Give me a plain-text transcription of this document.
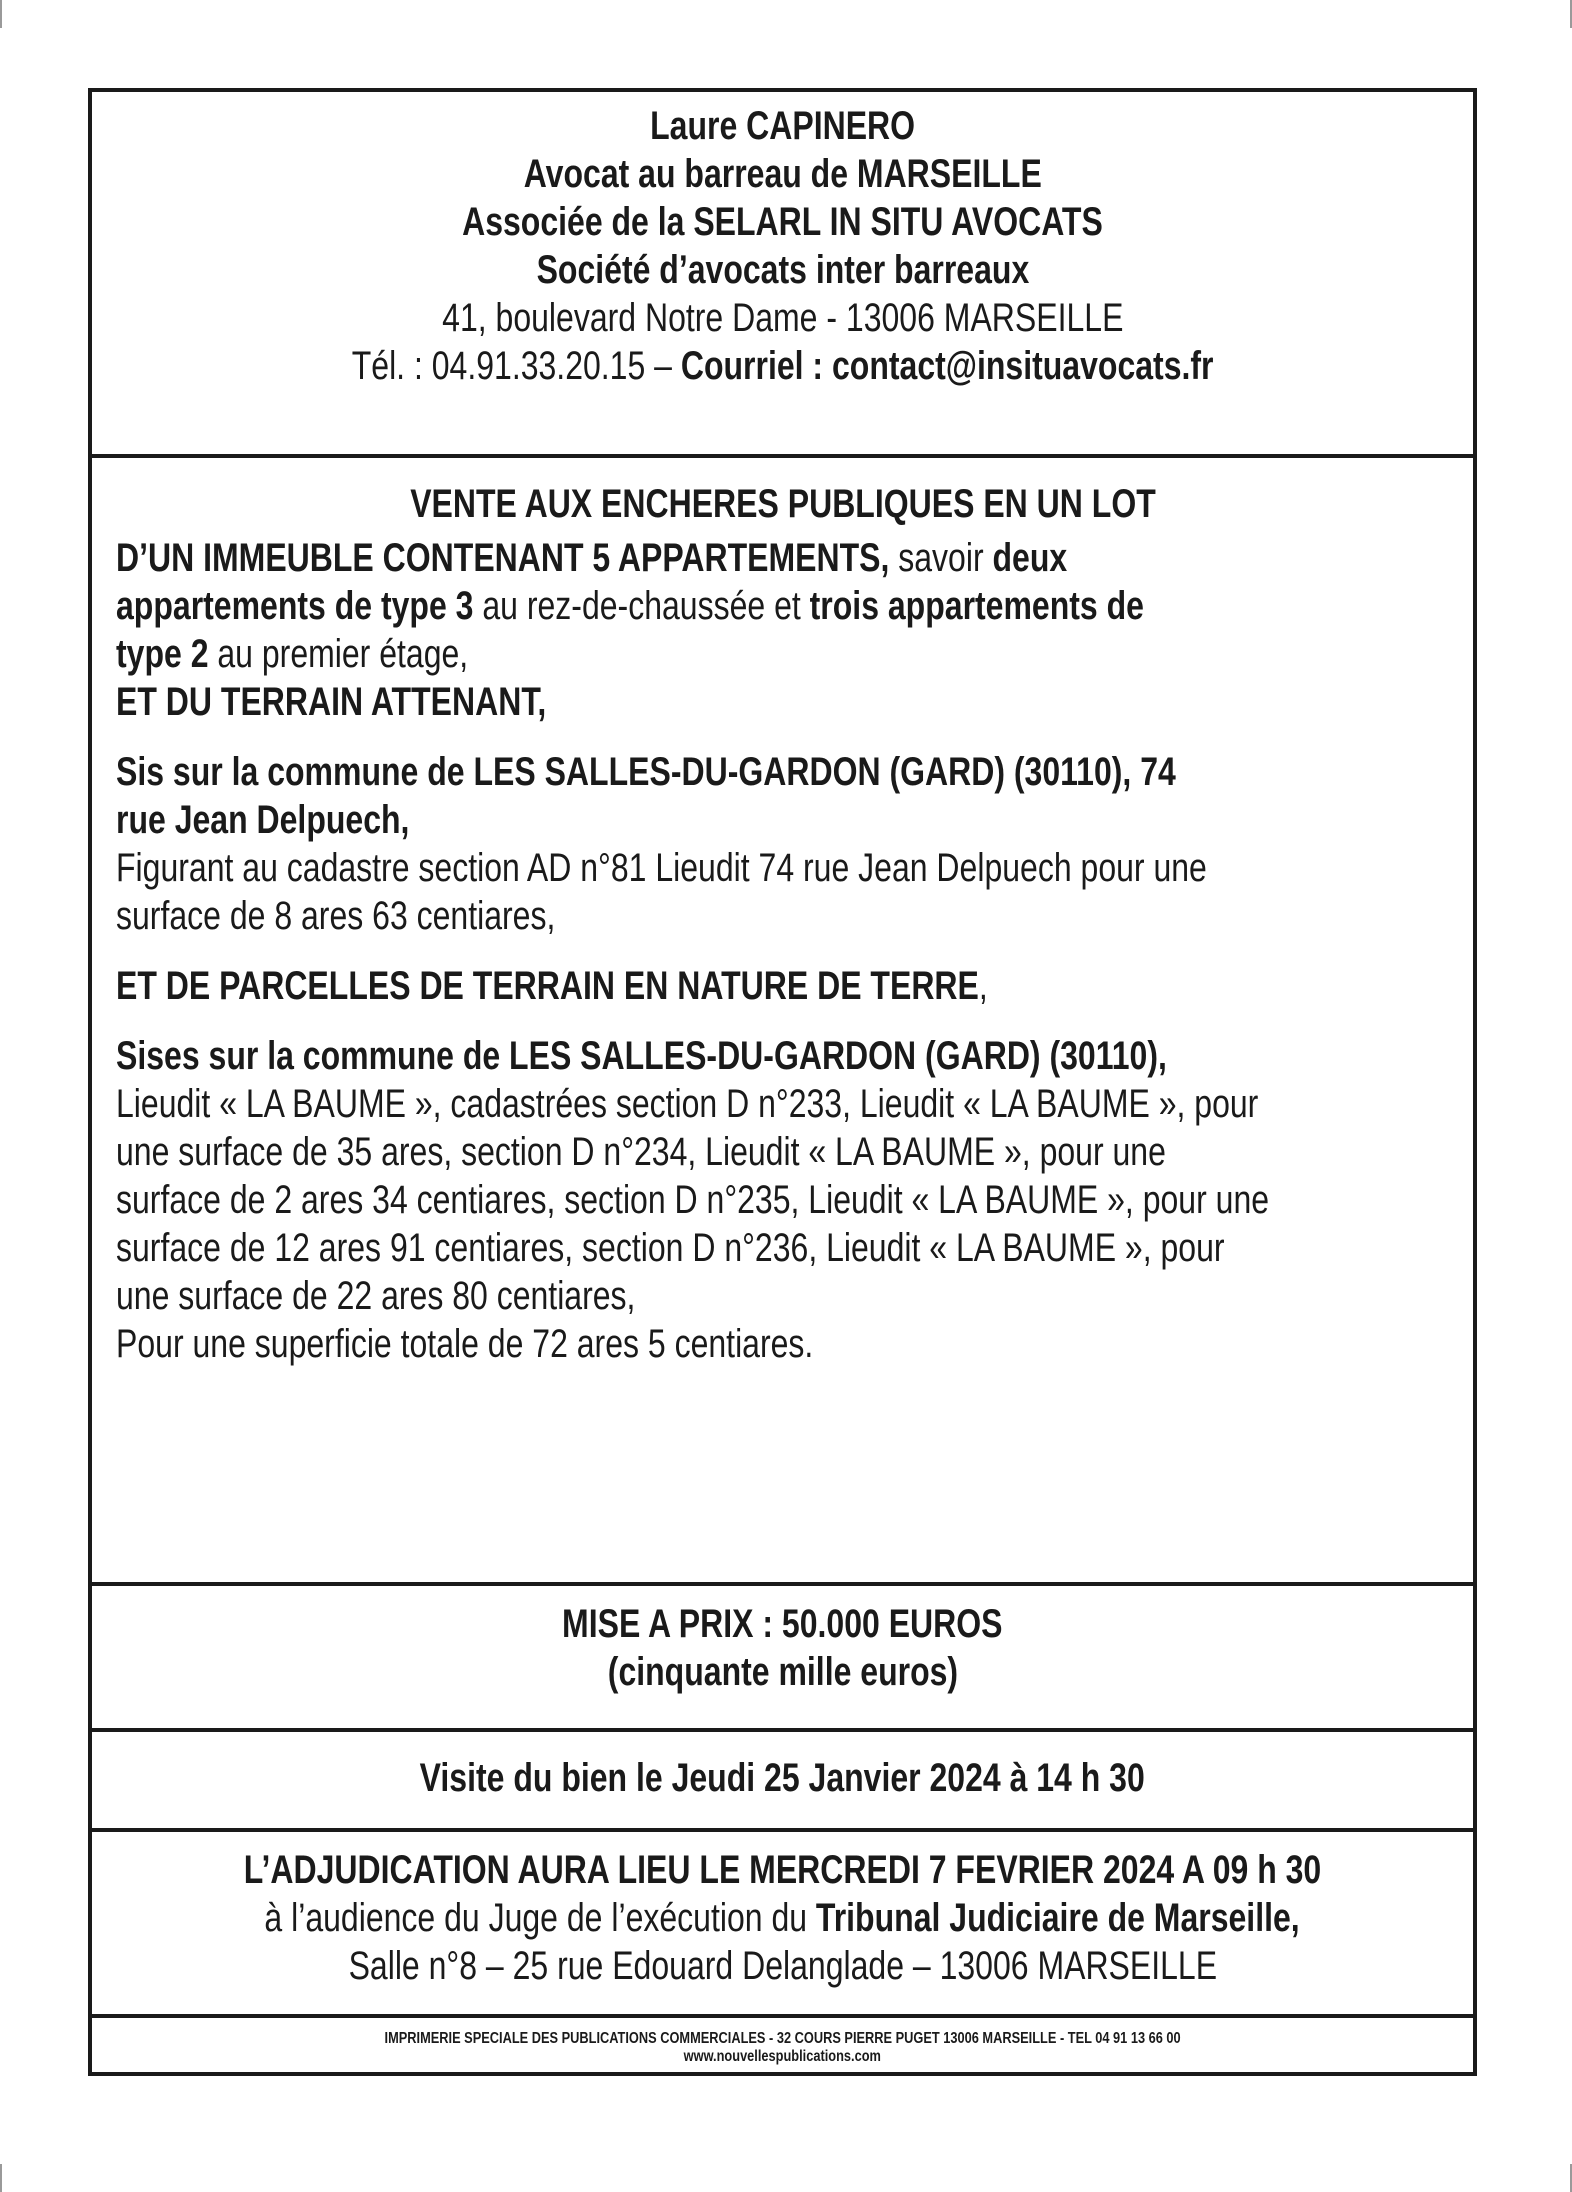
Laure CAPINERO
Avocat au barreau de MARSEILLE
Associée de la SELARL IN SITU AVOCATS
Société d’avocats inter barreaux
41, boulevard Notre Dame - 13006 MARSEILLE
Tél. : 04.91.33.20.15 – Courriel : contact@insituavocats.fr
VENTE AUX ENCHERES PUBLIQUES EN UN LOT
D’UN IMMEUBLE CONTENANT 5 APPARTEMENTS, savoir deux
appartements de type 3 au rez-de-chaussée et trois appartements de
type 2 au premier étage,
ET DU TERRAIN ATTENANT,
Sis sur la commune de LES SALLES-DU-GARDON (GARD) (30110), 74
rue Jean Delpuech,
Figurant au cadastre section AD n°81 Lieudit 74 rue Jean Delpuech pour une
surface de 8 ares 63 centiares,
ET DE PARCELLES DE TERRAIN EN NATURE DE TERRE,
Sises sur la commune de LES SALLES-DU-GARDON (GARD) (30110),
Lieudit « LA BAUME », cadastrées section D n°233, Lieudit « LA BAUME », pour
une surface de 35 ares, section D n°234, Lieudit « LA BAUME », pour une
surface de 2 ares 34 centiares, section D n°235, Lieudit « LA BAUME », pour une
surface de 12 ares 91 centiares, section D n°236, Lieudit « LA BAUME », pour
une surface de 22 ares 80 centiares,
Pour une superficie totale de 72 ares 5 centiares.
MISE A PRIX : 50.000 EUROS
(cinquante mille euros)
Visite du bien le Jeudi 25 Janvier 2024 à 14 h 30
L’ADJUDICATION AURA LIEU LE MERCREDI 7 FEVRIER 2024 A 09 h 30
à l’audience du Juge de l’exécution du Tribunal Judiciaire de Marseille,
Salle n°8 – 25 rue Edouard Delanglade – 13006 MARSEILLE
IMPRIMERIE SPECIALE DES PUBLICATIONS COMMERCIALES - 32 COURS PIERRE PUGET 13006 MARSEILLE - TEL 04 91 13 66 00
www.nouvellespublications.com
